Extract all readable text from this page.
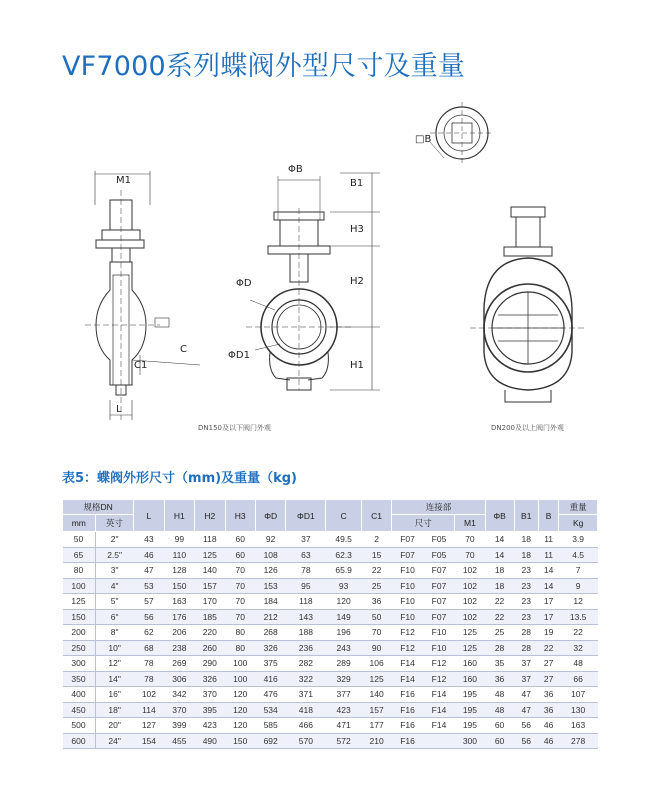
VF7000系列蝶阀外型尺寸及重量
M1
C
C1
L
ΦB
B1
H3
H2
H1
ΦD
ΦD1
□B
DN150及以下阀门外观	DN200及以上阀门外观
表5：蝶阀外形尺寸（mm)及重量（kg)
规格DN		L	H1	H2	H3	ΦD	ΦD1	C	C1	连接部			ΦB	B1	B	重量
mm	英寸									尺寸		M1				Kg
50	2"	43	99	118	60	92	37	49.5	2	F07	F05	70	14	18	11	3.9
65	2.5"	46	110	125	60	108	63	62.3	15	F07	F05	70	14	18	11	4.5
80	3"	47	128	140	70	126	78	65.9	22	F10	F07	102	18	23	14	7
100	4"	53	150	157	70	153	95	93	25	F10	F07	102	18	23	14	9
125	5"	57	163	170	70	184	118	120	36	F10	F07	102	22	23	17	12
150	6"	56	176	185	70	212	143	149	50	F10	F07	102	22	23	17	13.5
200	8"	62	206	220	80	268	188	196	70	F12	F10	125	25	28	19	22
250	10"	68	238	260	80	326	236	243	90	F12	F10	125	28	28	22	32
300	12"	78	269	290	100	375	282	289	106	F14	F12	160	35	37	27	48
350	14"	78	306	326	100	416	322	329	125	F14	F12	160	36	37	27	66
400	16"	102	342	370	120	476	371	377	140	F16	F14	195	48	47	36	107
450	18"	114	370	395	120	534	418	423	157	F16	F14	195	48	47	36	130
500	20"	127	399	423	120	585	466	471	177	F16	F14	195	60	56	46	163
600	24"	154	455	490	150	692	570	572	210	F16		300	60	56	46	278
